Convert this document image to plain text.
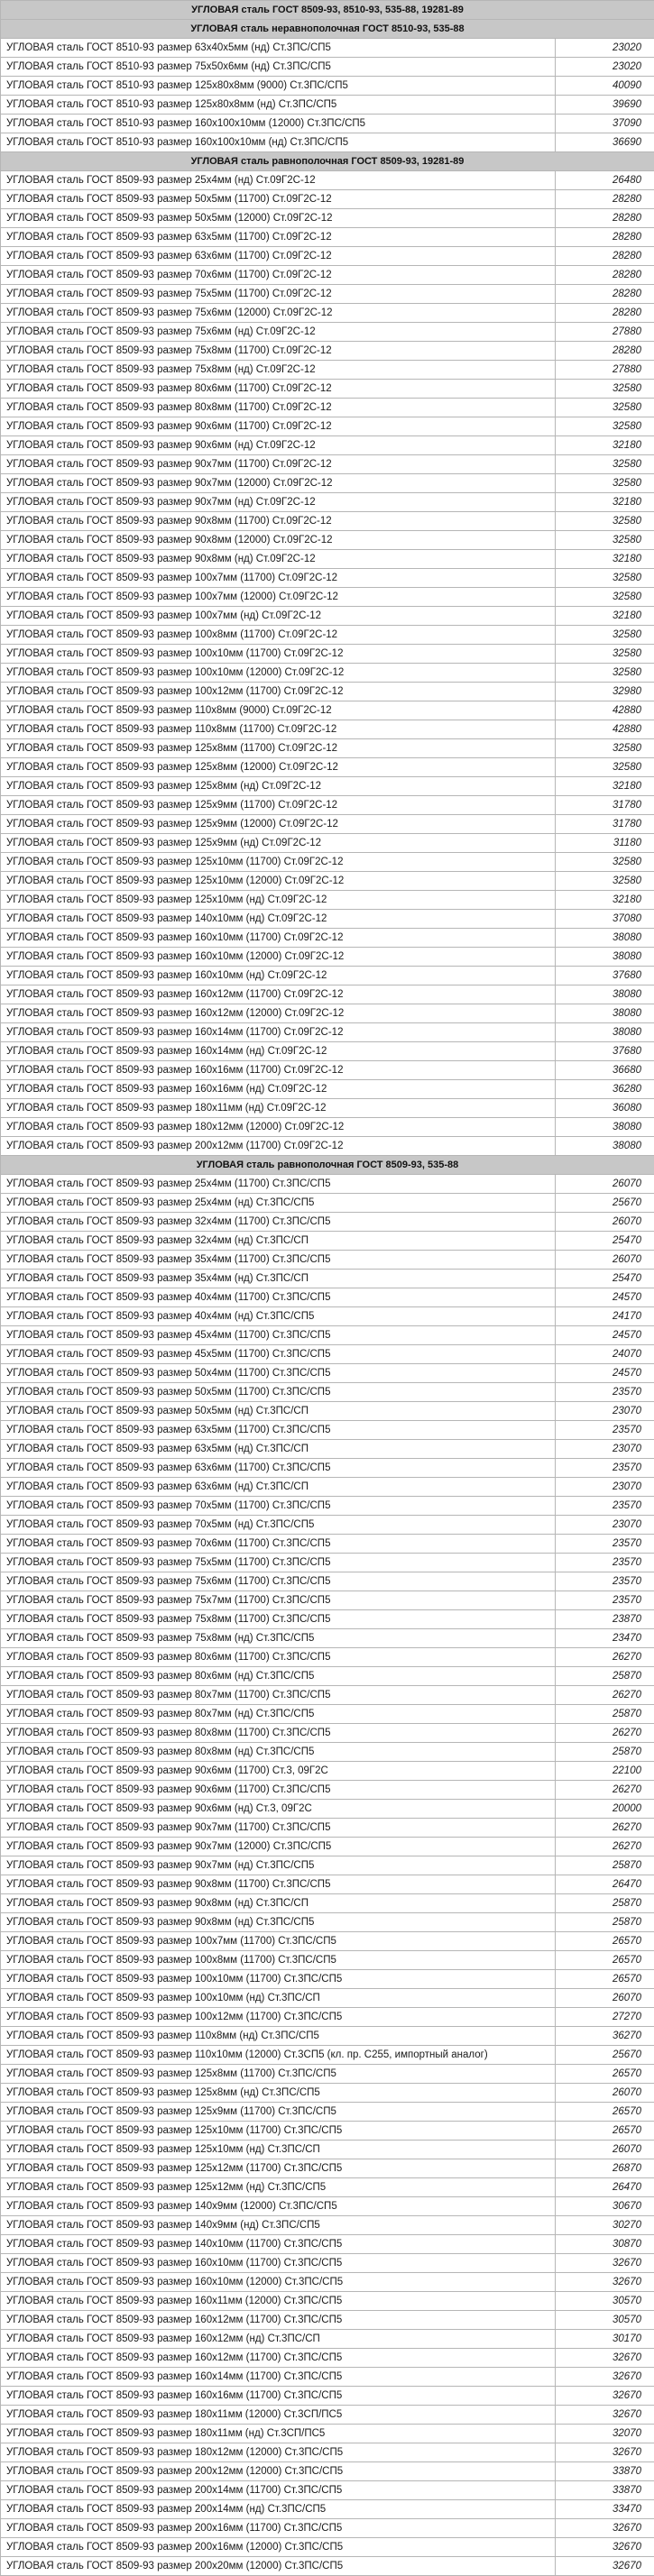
УГЛОВАЯ сталь ГОСТ 8509-93, 8510-93, 535-88, 19281-89	
УГЛОВАЯ сталь неравнополочная ГОСТ 8510-93, 535-88	
УГЛОВАЯ сталь ГОСТ 8510-93 размер 63х40х5мм (нд) Ст.3ПС/СП5	23020
УГЛОВАЯ сталь ГОСТ 8510-93 размер 75х50х6мм (нд) Ст.3ПС/СП5	23020
УГЛОВАЯ сталь ГОСТ 8510-93 размер 125х80х8мм (9000) Ст.3ПС/СП5	40090
УГЛОВАЯ сталь ГОСТ 8510-93 размер 125х80х8мм (нд) Ст.3ПС/СП5	39690
УГЛОВАЯ сталь ГОСТ 8510-93 размер 160х100х10мм (12000) Ст.3ПС/СП5	37090
УГЛОВАЯ сталь ГОСТ 8510-93 размер 160х100х10мм (нд) Ст.3ПС/СП5	36690
УГЛОВАЯ сталь равнополочная ГОСТ 8509-93, 19281-89	
УГЛОВАЯ сталь ГОСТ 8509-93 размер 25х4мм (нд) Ст.09Г2С-12	26480
УГЛОВАЯ сталь ГОСТ 8509-93 размер 50х5мм (11700) Ст.09Г2С-12	28280
УГЛОВАЯ сталь ГОСТ 8509-93 размер 50х5мм (12000) Ст.09Г2С-12	28280
УГЛОВАЯ сталь ГОСТ 8509-93 размер 63х5мм (11700) Ст.09Г2С-12	28280
УГЛОВАЯ сталь ГОСТ 8509-93 размер 63х6мм (11700) Ст.09Г2С-12	28280
УГЛОВАЯ сталь ГОСТ 8509-93 размер 70х6мм (11700) Ст.09Г2С-12	28280
УГЛОВАЯ сталь ГОСТ 8509-93 размер 75х5мм (11700) Ст.09Г2С-12	28280
УГЛОВАЯ сталь ГОСТ 8509-93 размер 75х6мм (12000) Ст.09Г2С-12	28280
УГЛОВАЯ сталь ГОСТ 8509-93 размер 75х6мм (нд) Ст.09Г2С-12	27880
УГЛОВАЯ сталь ГОСТ 8509-93 размер 75х8мм (11700) Ст.09Г2С-12	28280
УГЛОВАЯ сталь ГОСТ 8509-93 размер 75х8мм (нд) Ст.09Г2С-12	27880
УГЛОВАЯ сталь ГОСТ 8509-93 размер 80х6мм (11700) Ст.09Г2С-12	32580
УГЛОВАЯ сталь ГОСТ 8509-93 размер 80х8мм (11700) Ст.09Г2С-12	32580
УГЛОВАЯ сталь ГОСТ 8509-93 размер 90х6мм (11700) Ст.09Г2С-12	32580
УГЛОВАЯ сталь ГОСТ 8509-93 размер 90х6мм (нд) Ст.09Г2С-12	32180
УГЛОВАЯ сталь ГОСТ 8509-93 размер 90х7мм (11700) Ст.09Г2С-12	32580
УГЛОВАЯ сталь ГОСТ 8509-93 размер 90х7мм (12000) Ст.09Г2С-12	32580
УГЛОВАЯ сталь ГОСТ 8509-93 размер 90х7мм (нд) Ст.09Г2С-12	32180
УГЛОВАЯ сталь ГОСТ 8509-93 размер 90х8мм (11700) Ст.09Г2С-12	32580
УГЛОВАЯ сталь ГОСТ 8509-93 размер 90х8мм (12000) Ст.09Г2С-12	32580
УГЛОВАЯ сталь ГОСТ 8509-93 размер 90х8мм (нд) Ст.09Г2С-12	32180
УГЛОВАЯ сталь ГОСТ 8509-93 размер 100х7мм (11700) Ст.09Г2С-12	32580
УГЛОВАЯ сталь ГОСТ 8509-93 размер 100х7мм (12000) Ст.09Г2С-12	32580
УГЛОВАЯ сталь ГОСТ 8509-93 размер 100х7мм (нд) Ст.09Г2С-12	32180
УГЛОВАЯ сталь ГОСТ 8509-93 размер 100х8мм (11700) Ст.09Г2С-12	32580
УГЛОВАЯ сталь ГОСТ 8509-93 размер 100х10мм (11700) Ст.09Г2С-12	32580
УГЛОВАЯ сталь ГОСТ 8509-93 размер 100х10мм (12000) Ст.09Г2С-12	32580
УГЛОВАЯ сталь ГОСТ 8509-93 размер 100х12мм (11700) Ст.09Г2С-12	32980
УГЛОВАЯ сталь ГОСТ 8509-93 размер 110х8мм (9000) Ст.09Г2С-12	42880
УГЛОВАЯ сталь ГОСТ 8509-93 размер 110х8мм (11700) Ст.09Г2С-12	42880
УГЛОВАЯ сталь ГОСТ 8509-93 размер 125х8мм (11700) Ст.09Г2С-12	32580
УГЛОВАЯ сталь ГОСТ 8509-93 размер 125х8мм (12000) Ст.09Г2С-12	32580
УГЛОВАЯ сталь ГОСТ 8509-93 размер 125х8мм (нд) Ст.09Г2С-12	32180
УГЛОВАЯ сталь ГОСТ 8509-93 размер 125х9мм (11700) Ст.09Г2С-12	31780
УГЛОВАЯ сталь ГОСТ 8509-93 размер 125х9мм (12000) Ст.09Г2С-12	31780
УГЛОВАЯ сталь ГОСТ 8509-93 размер 125х9мм (нд) Ст.09Г2С-12	31180
УГЛОВАЯ сталь ГОСТ 8509-93 размер 125х10мм (11700) Ст.09Г2С-12	32580
УГЛОВАЯ сталь ГОСТ 8509-93 размер 125х10мм (12000) Ст.09Г2С-12	32580
УГЛОВАЯ сталь ГОСТ 8509-93 размер 125х10мм (нд) Ст.09Г2С-12	32180
УГЛОВАЯ сталь ГОСТ 8509-93 размер 140х10мм (нд) Ст.09Г2С-12	37080
УГЛОВАЯ сталь ГОСТ 8509-93 размер 160х10мм (11700) Ст.09Г2С-12	38080
УГЛОВАЯ сталь ГОСТ 8509-93 размер 160х10мм (12000) Ст.09Г2С-12	38080
УГЛОВАЯ сталь ГОСТ 8509-93 размер 160х10мм (нд) Ст.09Г2С-12	37680
УГЛОВАЯ сталь ГОСТ 8509-93 размер 160х12мм (11700) Ст.09Г2С-12	38080
УГЛОВАЯ сталь ГОСТ 8509-93 размер 160х12мм (12000) Ст.09Г2С-12	38080
УГЛОВАЯ сталь ГОСТ 8509-93 размер 160х14мм (11700) Ст.09Г2С-12	38080
УГЛОВАЯ сталь ГОСТ 8509-93 размер 160х14мм (нд) Ст.09Г2С-12	37680
УГЛОВАЯ сталь ГОСТ 8509-93 размер 160х16мм (11700) Ст.09Г2С-12	36680
УГЛОВАЯ сталь ГОСТ 8509-93 размер 160х16мм (нд) Ст.09Г2С-12	36280
УГЛОВАЯ сталь ГОСТ 8509-93 размер 180х11мм (нд) Ст.09Г2С-12	36080
УГЛОВАЯ сталь ГОСТ 8509-93 размер 180х12мм (12000) Ст.09Г2С-12	38080
УГЛОВАЯ сталь ГОСТ 8509-93 размер 200х12мм (11700) Ст.09Г2С-12	38080
УГЛОВАЯ сталь равнополочная ГОСТ 8509-93, 535-88	
УГЛОВАЯ сталь ГОСТ 8509-93 размер 25х4мм (11700) Ст.3ПС/СП5	26070
УГЛОВАЯ сталь ГОСТ 8509-93 размер 25х4мм (нд) Ст.3ПС/СП5	25670
УГЛОВАЯ сталь ГОСТ 8509-93 размер 32х4мм (11700) Ст.3ПС/СП5	26070
УГЛОВАЯ сталь ГОСТ 8509-93 размер 32х4мм (нд) Ст.3ПС/СП	25470
УГЛОВАЯ сталь ГОСТ 8509-93 размер 35х4мм (11700) Ст.3ПС/СП5	26070
УГЛОВАЯ сталь ГОСТ 8509-93 размер 35х4мм (нд) Ст.3ПС/СП	25470
УГЛОВАЯ сталь ГОСТ 8509-93 размер 40х4мм (11700) Ст.3ПС/СП5	24570
УГЛОВАЯ сталь ГОСТ 8509-93 размер 40х4мм (нд) Ст.3ПС/СП5	24170
УГЛОВАЯ сталь ГОСТ 8509-93 размер 45х4мм (11700) Ст.3ПС/СП5	24570
УГЛОВАЯ сталь ГОСТ 8509-93 размер 45х5мм (11700) Ст.3ПС/СП5	24070
УГЛОВАЯ сталь ГОСТ 8509-93 размер 50х4мм (11700) Ст.3ПС/СП5	24570
УГЛОВАЯ сталь ГОСТ 8509-93 размер 50х5мм (11700) Ст.3ПС/СП5	23570
УГЛОВАЯ сталь ГОСТ 8509-93 размер 50х5мм (нд) Ст.3ПС/СП	23070
УГЛОВАЯ сталь ГОСТ 8509-93 размер 63х5мм (11700) Ст.3ПС/СП5	23570
УГЛОВАЯ сталь ГОСТ 8509-93 размер 63х5мм (нд) Ст.3ПС/СП	23070
УГЛОВАЯ сталь ГОСТ 8509-93 размер 63х6мм (11700) Ст.3ПС/СП5	23570
УГЛОВАЯ сталь ГОСТ 8509-93 размер 63х6мм (нд) Ст.3ПС/СП	23070
УГЛОВАЯ сталь ГОСТ 8509-93 размер 70х5мм (11700) Ст.3ПС/СП5	23570
УГЛОВАЯ сталь ГОСТ 8509-93 размер 70х5мм (нд) Ст.3ПС/СП5	23070
УГЛОВАЯ сталь ГОСТ 8509-93 размер 70х6мм (11700) Ст.3ПС/СП5	23570
УГЛОВАЯ сталь ГОСТ 8509-93 размер 75х5мм (11700) Ст.3ПС/СП5	23570
УГЛОВАЯ сталь ГОСТ 8509-93 размер 75х6мм (11700) Ст.3ПС/СП5	23570
УГЛОВАЯ сталь ГОСТ 8509-93 размер 75х7мм (11700) Ст.3ПС/СП5	23570
УГЛОВАЯ сталь ГОСТ 8509-93 размер 75х8мм (11700) Ст.3ПС/СП5	23870
УГЛОВАЯ сталь ГОСТ 8509-93 размер 75х8мм (нд) Ст.3ПС/СП5	23470
УГЛОВАЯ сталь ГОСТ 8509-93 размер 80х6мм (11700) Ст.3ПС/СП5	26270
УГЛОВАЯ сталь ГОСТ 8509-93 размер 80х6мм (нд) Ст.3ПС/СП5	25870
УГЛОВАЯ сталь ГОСТ 8509-93 размер 80х7мм (11700) Ст.3ПС/СП5	26270
УГЛОВАЯ сталь ГОСТ 8509-93 размер 80х7мм (нд) Ст.3ПС/СП5	25870
УГЛОВАЯ сталь ГОСТ 8509-93 размер 80х8мм (11700) Ст.3ПС/СП5	26270
УГЛОВАЯ сталь ГОСТ 8509-93 размер 80х8мм (нд) Ст.3ПС/СП5	25870
УГЛОВАЯ сталь ГОСТ 8509-93 размер 90х6мм (11700) Ст.3, 09Г2С	22100
УГЛОВАЯ сталь ГОСТ 8509-93 размер 90х6мм (11700) Ст.3ПС/СП5	26270
УГЛОВАЯ сталь ГОСТ 8509-93 размер 90х6мм (нд) Ст.3, 09Г2С	20000
УГЛОВАЯ сталь ГОСТ 8509-93 размер 90х7мм (11700) Ст.3ПС/СП5	26270
УГЛОВАЯ сталь ГОСТ 8509-93 размер 90х7мм (12000) Ст.3ПС/СП5	26270
УГЛОВАЯ сталь ГОСТ 8509-93 размер 90х7мм (нд) Ст.3ПС/СП5	25870
УГЛОВАЯ сталь ГОСТ 8509-93 размер 90х8мм (11700) Ст.3ПС/СП5	26470
УГЛОВАЯ сталь ГОСТ 8509-93 размер 90х8мм (нд) Ст.3ПС/СП	25870
УГЛОВАЯ сталь ГОСТ 8509-93 размер 90х8мм (нд) Ст.3ПС/СП5	25870
УГЛОВАЯ сталь ГОСТ 8509-93 размер 100х7мм (11700) Ст.3ПС/СП5	26570
УГЛОВАЯ сталь ГОСТ 8509-93 размер 100х8мм (11700) Ст.3ПС/СП5	26570
УГЛОВАЯ сталь ГОСТ 8509-93 размер 100х10мм (11700) Ст.3ПС/СП5	26570
УГЛОВАЯ сталь ГОСТ 8509-93 размер 100х10мм (нд) Ст.3ПС/СП	26070
УГЛОВАЯ сталь ГОСТ 8509-93 размер 100х12мм (11700) Ст.3ПС/СП5	27270
УГЛОВАЯ сталь ГОСТ 8509-93 размер 110х8мм (нд) Ст.3ПС/СП5	36270
УГЛОВАЯ сталь ГОСТ 8509-93 размер 110х10мм (12000) Ст.3СП5 (кл. пр. С255, импортный аналог)	25670
УГЛОВАЯ сталь ГОСТ 8509-93 размер 125х8мм (11700) Ст.3ПС/СП5	26570
УГЛОВАЯ сталь ГОСТ 8509-93 размер 125х8мм (нд) Ст.3ПС/СП5	26070
УГЛОВАЯ сталь ГОСТ 8509-93 размер 125х9мм (11700) Ст.3ПС/СП5	26570
УГЛОВАЯ сталь ГОСТ 8509-93 размер 125х10мм (11700) Ст.3ПС/СП5	26570
УГЛОВАЯ сталь ГОСТ 8509-93 размер 125х10мм (нд) Ст.3ПС/СП	26070
УГЛОВАЯ сталь ГОСТ 8509-93 размер 125х12мм (11700) Ст.3ПС/СП5	26870
УГЛОВАЯ сталь ГОСТ 8509-93 размер 125х12мм (нд) Ст.3ПС/СП5	26470
УГЛОВАЯ сталь ГОСТ 8509-93 размер 140х9мм (12000) Ст.3ПС/СП5	30670
УГЛОВАЯ сталь ГОСТ 8509-93 размер 140х9мм (нд) Ст.3ПС/СП5	30270
УГЛОВАЯ сталь ГОСТ 8509-93 размер 140х10мм (11700) Ст.3ПС/СП5	30870
УГЛОВАЯ сталь ГОСТ 8509-93 размер 160х10мм (11700) Ст.3ПС/СП5	32670
УГЛОВАЯ сталь ГОСТ 8509-93 размер 160х10мм (12000) Ст.3ПС/СП5	32670
УГЛОВАЯ сталь ГОСТ 8509-93 размер 160х11мм (12000) Ст.3ПС/СП5	30570
УГЛОВАЯ сталь ГОСТ 8509-93 размер 160х12мм (11700) Ст.3ПС/СП5	30570
УГЛОВАЯ сталь ГОСТ 8509-93 размер 160х12мм (нд) Ст.3ПС/СП	30170
УГЛОВАЯ сталь ГОСТ 8509-93 размер 160х12мм (11700) Ст.3ПС/СП5	32670
УГЛОВАЯ сталь ГОСТ 8509-93 размер 160х14мм (11700) Ст.3ПС/СП5	32670
УГЛОВАЯ сталь ГОСТ 8509-93 размер 160х16мм (11700) Ст.3ПС/СП5	32670
УГЛОВАЯ сталь ГОСТ 8509-93 размер 180х11мм (12000) Ст.3СП/ПС5	32670
УГЛОВАЯ сталь ГОСТ 8509-93 размер 180х11мм (нд) Ст.3СП/ПС5	32070
УГЛОВАЯ сталь ГОСТ 8509-93 размер 180х12мм (12000) Ст.3ПС/СП5	32670
УГЛОВАЯ сталь ГОСТ 8509-93 размер 200х12мм (12000) Ст.3ПС/СП5	33870
УГЛОВАЯ сталь ГОСТ 8509-93 размер 200х14мм (11700) Ст.3ПС/СП5	33870
УГЛОВАЯ сталь ГОСТ 8509-93 размер 200х14мм (нд) Ст.3ПС/СП5	33470
УГЛОВАЯ сталь ГОСТ 8509-93 размер 200х16мм (11700) Ст.3ПС/СП5	32670
УГЛОВАЯ сталь ГОСТ 8509-93 размер 200х16мм (12000) Ст.3ПС/СП5	32670
УГЛОВАЯ сталь ГОСТ 8509-93 размер 200х20мм (12000) Ст.3ПС/СП5	32670
